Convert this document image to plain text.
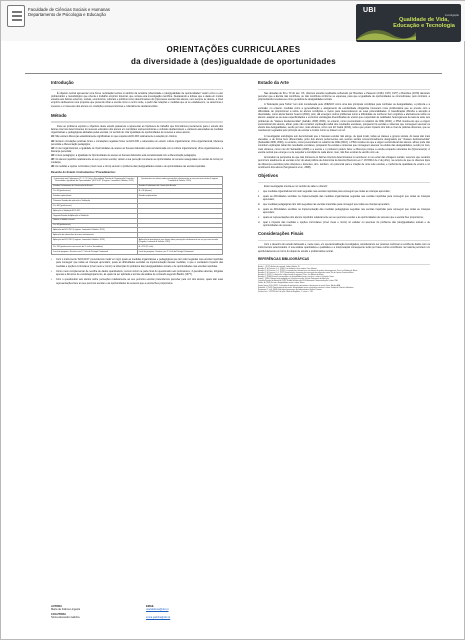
Faculdade de Ciências Sociais e Humanas
Departamento de Psicologia e Educação
UBI
Investigação
Qualidade de Vida,
Educação e Tecnologia
ORIENTAÇÕES CURRICULARES
da diversidade à (des)igualdade de oportunidades
Introdução
É objetivo central apresentar uma breve revisitação teórica no âmbito da temática (diversidade e (des)igualdade de oportunidades" assim como o eixo problemático e metodológico que orienta o trabalho empírico doutoral, que norteia esta investigação científica. Destacando a ênfase que é dada em muitos estudos aos fatores externos, sociais, económicos, culturais e políticos como determinantes do (in)sucesso escolar dos alunos, nem sempre se deteve, a nível empírico delineamos uma proposta que pretende olhar a escola como o centro onde, a partir das relações e medidas que aí se estabelecem, se determina o sucesso e o insucesso dos alunos em condições socioeconómicas e culturalmente desfavorecidos.
Método
Face ao problema exposto e objetivos deste estudo passamos a apresentar as hipóteses de trabalho que formulámos previamente para o estudo dos fatores internos determinantes do sucesso educativo dos alunos em condições socioeconómicas e culturais desfavoráveis e variáveis associadas às medidas organizativas e pedagógicas adotadas pelas escolas, no sentido de criar igualdade de oportunidades de sucesso a estes alunos:
H1: Não existem diferenças estatisticamente significativas no que respeita à EOC-DIO relativamente à seleção por critérios;
H2: Existem correlações positivas fortes e correlações negativas fortes na EOC-DIO e subescalas em estudo: cultura organizacional, clima organizacional, liderança percebida e diferenciação pedagógica;
H3: A nível organizacional, a igualdade de Oportunidades de acesso ao Sucesso Educativo está correlacionada com a cultura organizacional, clima organizacional e a liderança percebida;
H4: A nível pedagógico, a Igualdade de Oportunidades de acesso ao Sucesso Educativo está correlacionada com a diferenciação pedagógica;
H5: Os alunos inquiridos relativamente ao seu percurso escolar, variam a sua perceção consoante as oportunidades de sucesso asseguradas no escolar da turma por mudança;
H6: As medidas e opções curriculares (nível meso e micro) elencam o problema das (des)igualdades sociais e de oportunidades nas escolas inquiridas.
Desenho do Estudo / Instrumentos / Procedimentos:
Questionário aos Professores (1º, 2º, 3º Ciclo e Secundário) "Escala de Organização Curricular - Diversidade e Igualdade de Oportunidades" (EOC-DIO" (Lingeiza, Leonardo & Galinha, 2013)	Questionário aos alunos sobre percepções relativamente ao seu percurso escolar (Lingeiza, Leonardo & Galinha, 2015)
Estudos Preliminares da Construção da Escala	Estudos Preliminares de Construção Escolar
N = 68 (professores)	N = 28 (alunos)
Estudos exploratórios	Estudos exploratórios
Primeiros Estudos de aplicação e Validação	
N = 400 (professores)	
Aplicação e Validação EOC-DIO	
Segundo Estudo de Aplicação e Validação	
Refinar e Validar a escala	
N = 46 (professores)	
Aplicação da EOC-DIO (Lingeiza, Leonardo & Galinha, 2015)	
Aplicação de subescalas de outros instrumentos	
Aplicação da EOC-DIO (Lingeiza, Leonardo & Galinha, 2014)	Aplicação do questionário aos alunos sobre percepções relativamente ao seu percurso escolar (Lingeiza, Leonardo & Galinha, 2015)
N = 150 (professores com turmas de 1º ciclo e Secundário)	N = 150 (1º ciclo)
Local da pesquisa - Escolas com 1º Ciclo do Portugal Continental	Local da pesquisa - Escolas com 1º Ciclo do Portugal Continental
• Com o instrumento "EOC-DIO" pretendemos medir em rigor quais as medidas organizativas e pedagógicas que têm sido seguidas nas escolas inquiridas para conseguir que todas as crianças aprendam; quais as dificuldades sentidas na implementação dessas medidas; o que é verdadeiro impacto das medidas e opções curriculares (nível meso e micro) na obtenção do problema das (des)igualdades sociais e de oportunidades nas escolas inquiridas.
• Como meio complementar de recolha de dados quantitativos, iremos incluir na parte final do questionário aos professores, 3 questões abertas, dirigidas apenas a diretores de escola/agrupamento, às quais irá ser aplicada a técnica da análise de conteúdo segundo Bardin (1977).
• Com o questionário aos alunos sobre perceções relativamente ao seu percurso escolar pretendemos perceber pela voz dos alunos, quais são suas representações face ao seu percurso escolar e às oportunidades de sucesso que a escola lhes proporciona.
Estado da Arte
Nas décadas de 60 e 70 do séc. XX, diversos estudos realizados sobretudo por Bourdieu e Passeron (1964, 1970, 1977) e Bourdieu (1979) deixaram perceber que a Escola não contribuía, ou não contribuía conforme se esperava, para que a igualdade de oportunidades se concretizasse; pelo contrário, a própria Escola revelava-se como geradora de desigualdades sociais.
A "Educação para Todos" tem sido considerada pela UNESCO como uma das principais condições para combater as desigualdades, a pobreza e a exclusão, no entanto, medidas como a generalização e alargamento da escolaridade obrigatória trouxeram nova problemática que se prende com a dificuldade de proporcionar a todos os alunos condições e meios para desenvolverem as suas potencialidades. A massificação dificulta a atenção à diversidade, como alerta Santos Guerra (2002), pois, dal emergem outros problemas como a dificuldade de conhecer bem cognitiva e afetivamente todos os alunos; adaptar-se às suas especificidades e encontrar estratégias diversificadas de ensino que respondam às realidades heterogéneas da sala de aula; aos problemas de "classes desfavorecidas" (Galvão, 2008; 2000), no entanto, como preconizado no relatório da CNE (2010), o PISA mostra-nos que a origem sociocultural dos alunos, afinal, pode não constituir explicação cabal dos resultados escolares, porquanto há escolas e sistemas que conseguem atenuar os efeitos das desigualdades, sendo por isso, mais eficazes, como nos diz Catral (2014), refere que pouco impacto têm tido a nível de práticas docentes, que se mantiveram regulados pelo princípio de ensinar a muitos como se fossem um só.
A investigação sociológica tem demonstrado que o fracasso escolar não atinge, de igual modo, todas as classes e grupos sociais. As taxas são mais elevadas, e de forma bem diferenciada, junto dos alunos pertencentes aos setores sociais convencionalmente designados por "classes desfavorecidas" (Sebastião 2009, 2000), no entanto, como preconizado no relatório da CNE (2010), o PISA mostra-nos que a origem sociocultural dos alunos, afinal, pode não constituir explicação cabal dos resultados escolares, porquanto há escolas e sistemas que conseguem atenuar os efeitos das desigualdades, sendo por isso, mais eficazes, como nos diz Sebastião (2009) é a escola e o professor podem fazer a diferença porque a escola enquanto educativa da (in)sucesso(s). A escola central que emerge é a de respeitar a condição de cada aluno, mas, não lhes ensinar de acordo com ele.
Ancorados na perspetiva de que são inúmeros os fatores internos determinantes no acontecer ou no evitar das clivagens sociais, veremos que cenários percorrem atualmente as escolas à luz do atual política de Autonomia de Escola (Decreto-Lei nº 137/2012 de 2 de julho), na certeza de que os diversos tipos de diferença exercidos pelos diretores e docentes, têm, também, um potencial para a criação de uma rede escolas, e melhoria da qualidade de ensino e no rendimento dos alunos (Sergiovanni et al., 2008).
Objetivos
Esta investigação orienta-se no sentido de saber e discutir:
i. que medidas organizativas têm sido seguidas nas escolas inquiridas para conseguir que todas as crianças aprendam;
ii. quais as dificuldades sentidas na implementação das medidas organizativas seguidas nas escolas inquiridas para conseguir que todas as crianças aprendam;
iii. que medidas pedagógicas têm sido seguidas nas escolas inquiridas para conseguir que todas as crianças aprendam;
iv. quais as dificuldades sentidas na implementação das medidas pedagógicas seguidas nas escolas inquiridas para conseguir que todas as crianças aprendam;
v. quais as representações dos alunos inquiridos relativamente ao seu percurso escolar e às oportunidades de sucesso que a escola lhes proporciona;
vi. qual o impacto das medidas e opções curriculares (nível meso e micro) no esbater ou acentuar do problema das (des)igualdades sociais e de oportunidades de sucesso.
Considerações Finais
Com o desenho do estudo delineado e, neste caso, em operacionalização investigativa, consideramos ser possível continuar a recolha de dados com os instrumentos selecionados. A sua análise quantitativa e qualitativa e a interpretação consequente terão por base outros contributos na matéria permitem um aprofundamento em torno do objeto de estudo e problemática central.
REFERÊNCIAS BIBLIOGRÁFICAS
Bardin, L. (1977). Análise de conteúdo. Lisboa: Edições 70.
Bourdieu, P. & Passeron, J.-C. (1964). Les étudiants et leurs études. Paris: Mouton.
Bourdieu, P. & Passeron, J.-C. (1970). La reproduction: éléments pour une théorie du système d'enseignement. Paris: Les Éditions de Minuit.
Bourdieu, P. & Passeron, J.-C. (1977). A reprodução: elementos para uma teoria do sistema de ensino. Rio de Janeiro: Francisco Alves.
Bourdieu, P. (1979). La distinction: critique sociale du jugement. Paris: Les Éditions de Minuit.
Bourdieu, P. (1998). A escola conservadora: as desigualdades frente à escola e à cultura. Petrópolis: Vozes.
Cabral, I. (2014). Diferenciação pedagógica e (in)sucesso escolar. Revista Portuguesa de Educação.
Conselho Nacional de Educação (2010). Estado da Educação 2010: Autonomia e descentralização. Lisboa: CNE.
Galvão, A. (2008). Escola e desigualdades sociais. Lisboa: Educa.
Santos Guerra, M. A. (2002). Os desafios da participação: desenvolver a democracia na escola. Porto: Edições ASA.
Sebastião, J. (2009). Democratização do ensino, desigualdades sociais e trajetórias escolares. Lisboa: Fundação Calouste Gulbenkian.
Sergiovanni, T. et al. (2008). Educational governance and administration. Boston: Pearson.
Decreto-Lei n.º 137/2012 de 2 de julho. Diário da República, 1.ª série, n.º 126.
AUTORA	EMAIL
Maria de Fátima Lingeiza	mariafatima@ubi.pt
COAUTORA
Sónia Alexandre Galinha	sonia.galinha@ubi.pt
